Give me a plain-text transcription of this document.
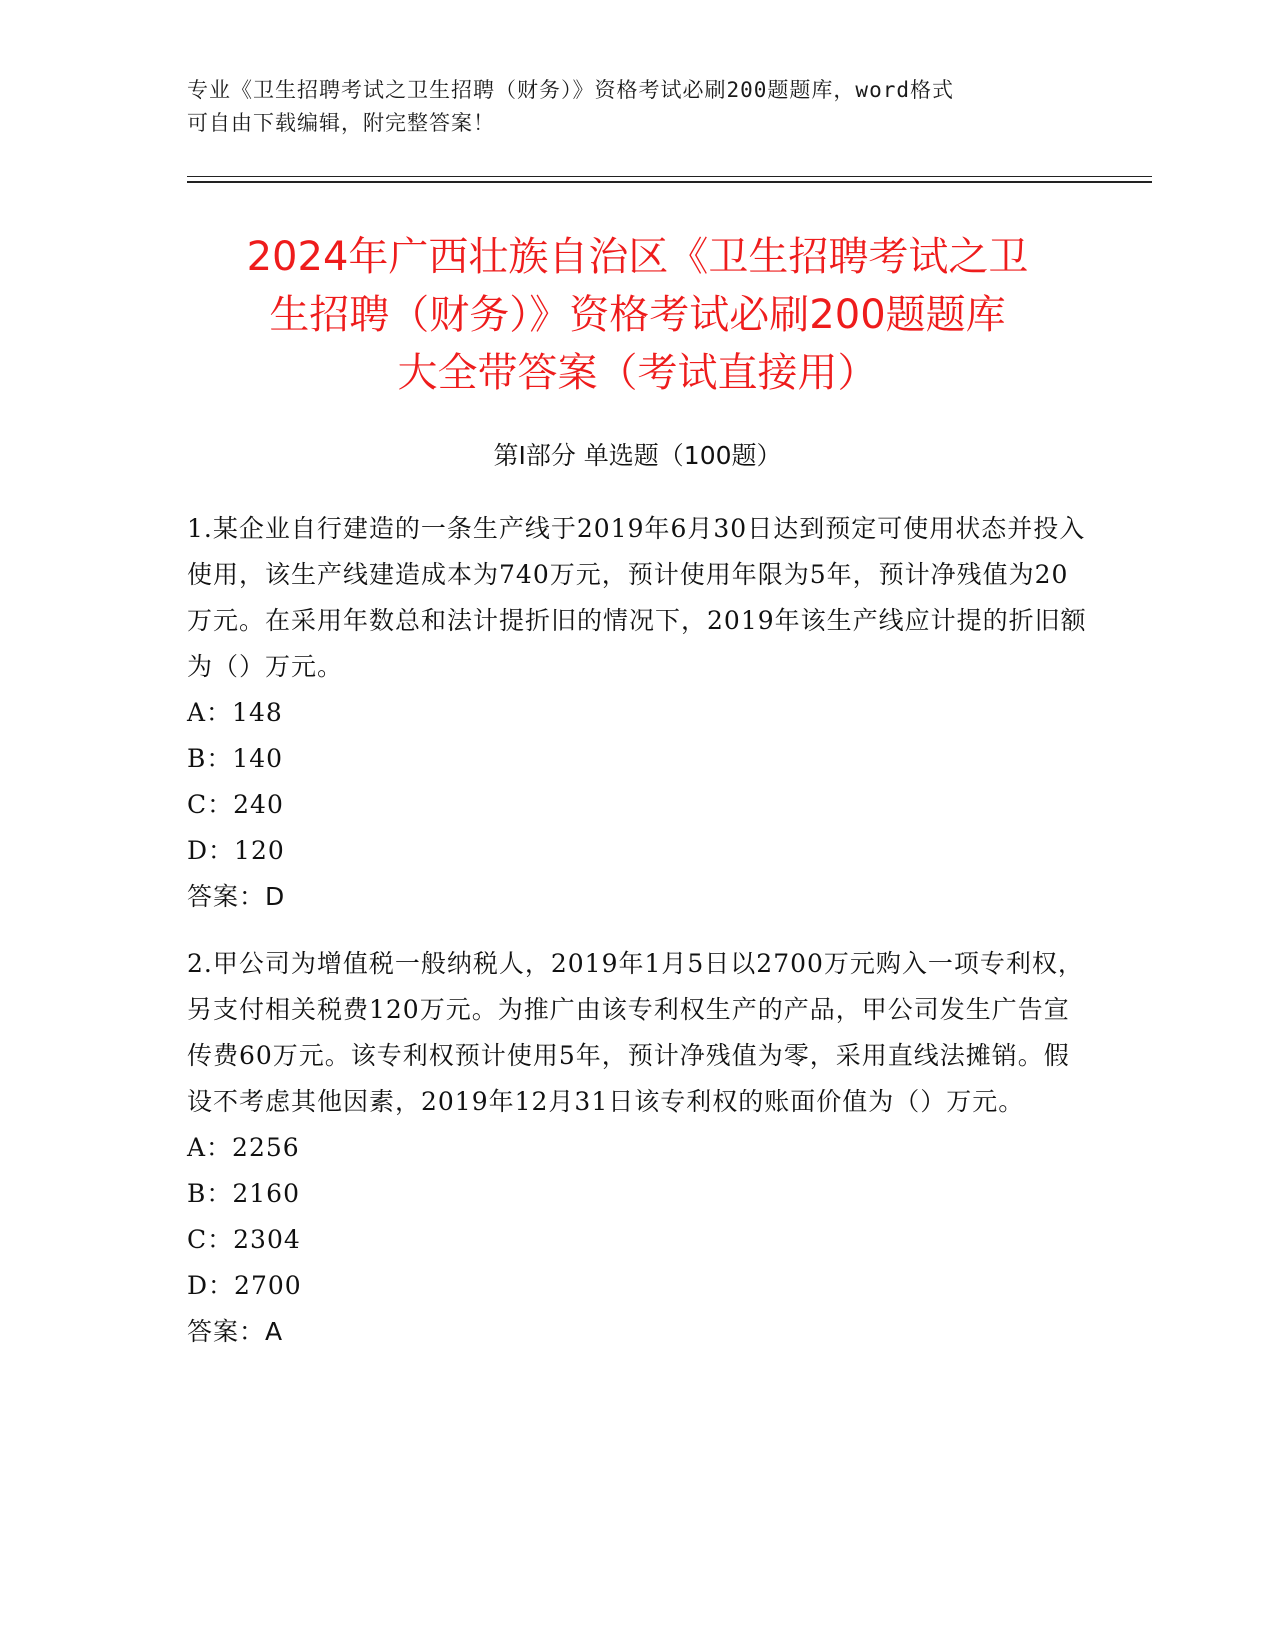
专业《卫生招聘考试之卫生招聘（财务）》资格考试必刷200题题库，word格式
可自由下载编辑，附完整答案！
2024年广西壮族自治区《卫生招聘考试之卫
生招聘（财务）》资格考试必刷200题题库
大全带答案（考试直接用）
第Ⅰ部分 单选题（100题）

1.某企业自行建造的一条生产线于2019年6月30日达到预定可使用状态并投入使用，该生产线建造成本为740万元，预计使用年限为5年，预计净残值为20万元。在采用年数总和法计提折旧的情况下，2019年该生产线应计提的折旧额为（）万元。

A：148

B：140

C：240

D：120

答案：D

2.甲公司为增值税一般纳税人，2019年1月5日以2700万元购入一项专利权，另支付相关税费120万元。为推广由该专利权生产的产品，甲公司发生广告宣传费60万元。该专利权预计使用5年，预计净残值为零，采用直线法摊销。假设不考虑其他因素，2019年12月31日该专利权的账面价值为（）万元。

A：2256

B：2160

C：2304

D：2700

答案：A
